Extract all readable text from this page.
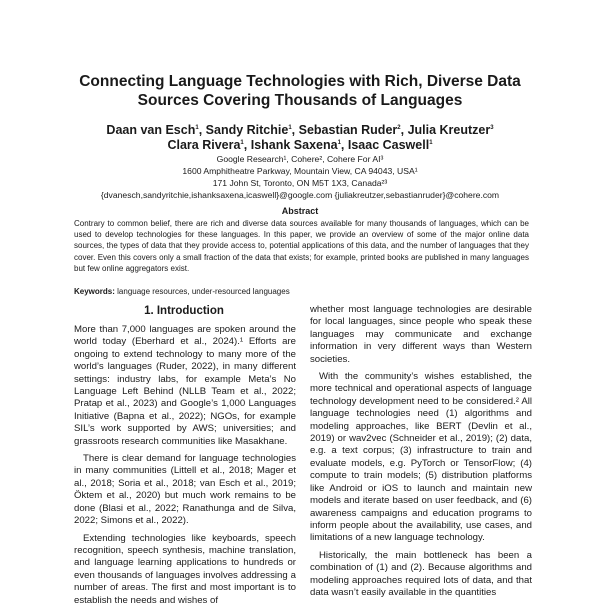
Connecting Language Technologies with Rich, Diverse Data Sources Covering Thousands of Languages
Daan van Esch$^1$, Sandy Ritchie$^1$, Sebastian Ruder$^2$, Julia Kreutzer$^3$
Clara Rivera$^1$, Ishank Saxena$^1$, Isaac Caswell$^1$
Google Research¹, Cohere², Cohere For AI³
1600 Amphitheatre Parkway, Mountain View, CA 94043, USA¹
171 John St, Toronto, ON M5T 1X3, Canada²³
{dvanesch,sandyritchie,ishanksaxena,icaswell}@google.com {juliakreutzer,sebastianruder}@cohere.com
Abstract
Contrary to common belief, there are rich and diverse data sources available for many thousands of languages, which can be used to develop technologies for these languages. In this paper, we provide an overview of some of the major online data sources, the types of data that they provide access to, potential applications of this data, and the number of languages that they cover. Even this covers only a small fraction of the data that exists; for example, printed books are published in many languages but few online aggregators exist.
Keywords: language resources, under-resourced languages
1. Introduction

More than 7,000 languages are spoken around the world today (Eberhard et al., 2024).¹ Efforts are ongoing to extend technology to many more of the world’s languages (Ruder, 2022), in many different settings: industry labs, for example Meta’s No Language Left Behind (NLLB Team et al., 2022; Pratap et al., 2023) and Google’s 1,000 Languages Initiative (Bapna et al., 2022); NGOs, for example SIL’s work supported by AWS; universities; and grassroots research communities like Masakhane.

There is clear demand for language technologies in many communities (Littell et al., 2018; Mager et al., 2018; Soria et al., 2018; van Esch et al., 2019; Öktem et al., 2020) but much work remains to be done (Blasi et al., 2022; Ranathunga and de Silva, 2022; Simons et al., 2022).

Extending technologies like keyboards, speech recognition, speech synthesis, machine translation, and language learning applications to hundreds or even thousands of languages involves addressing a number of areas. The first and most important is to establish the needs and wishes of

whether most language technologies are desirable for local languages, since people who speak these languages may communicate and exchange information in very different ways than Western societies.

With the community’s wishes established, the more technical and operational aspects of language technology development need to be considered.² All language technologies need (1) algorithms and modeling approaches, like BERT (Devlin et al., 2019) or wav2vec (Schneider et al., 2019); (2) data, e.g. a text corpus; (3) infrastructure to train and evaluate models, e.g. PyTorch or TensorFlow; (4) compute to train models; (5) distribution platforms like Android or iOS to launch and maintain new models and iterate based on user feedback, and (6) awareness campaigns and education programs to inform people about the availability, use cases, and limitations of a new language technology.

Historically, the main bottleneck has been a combination of (1) and (2). Because algorithms and modeling approaches required lots of data, and that data wasn’t easily available in the quantities
